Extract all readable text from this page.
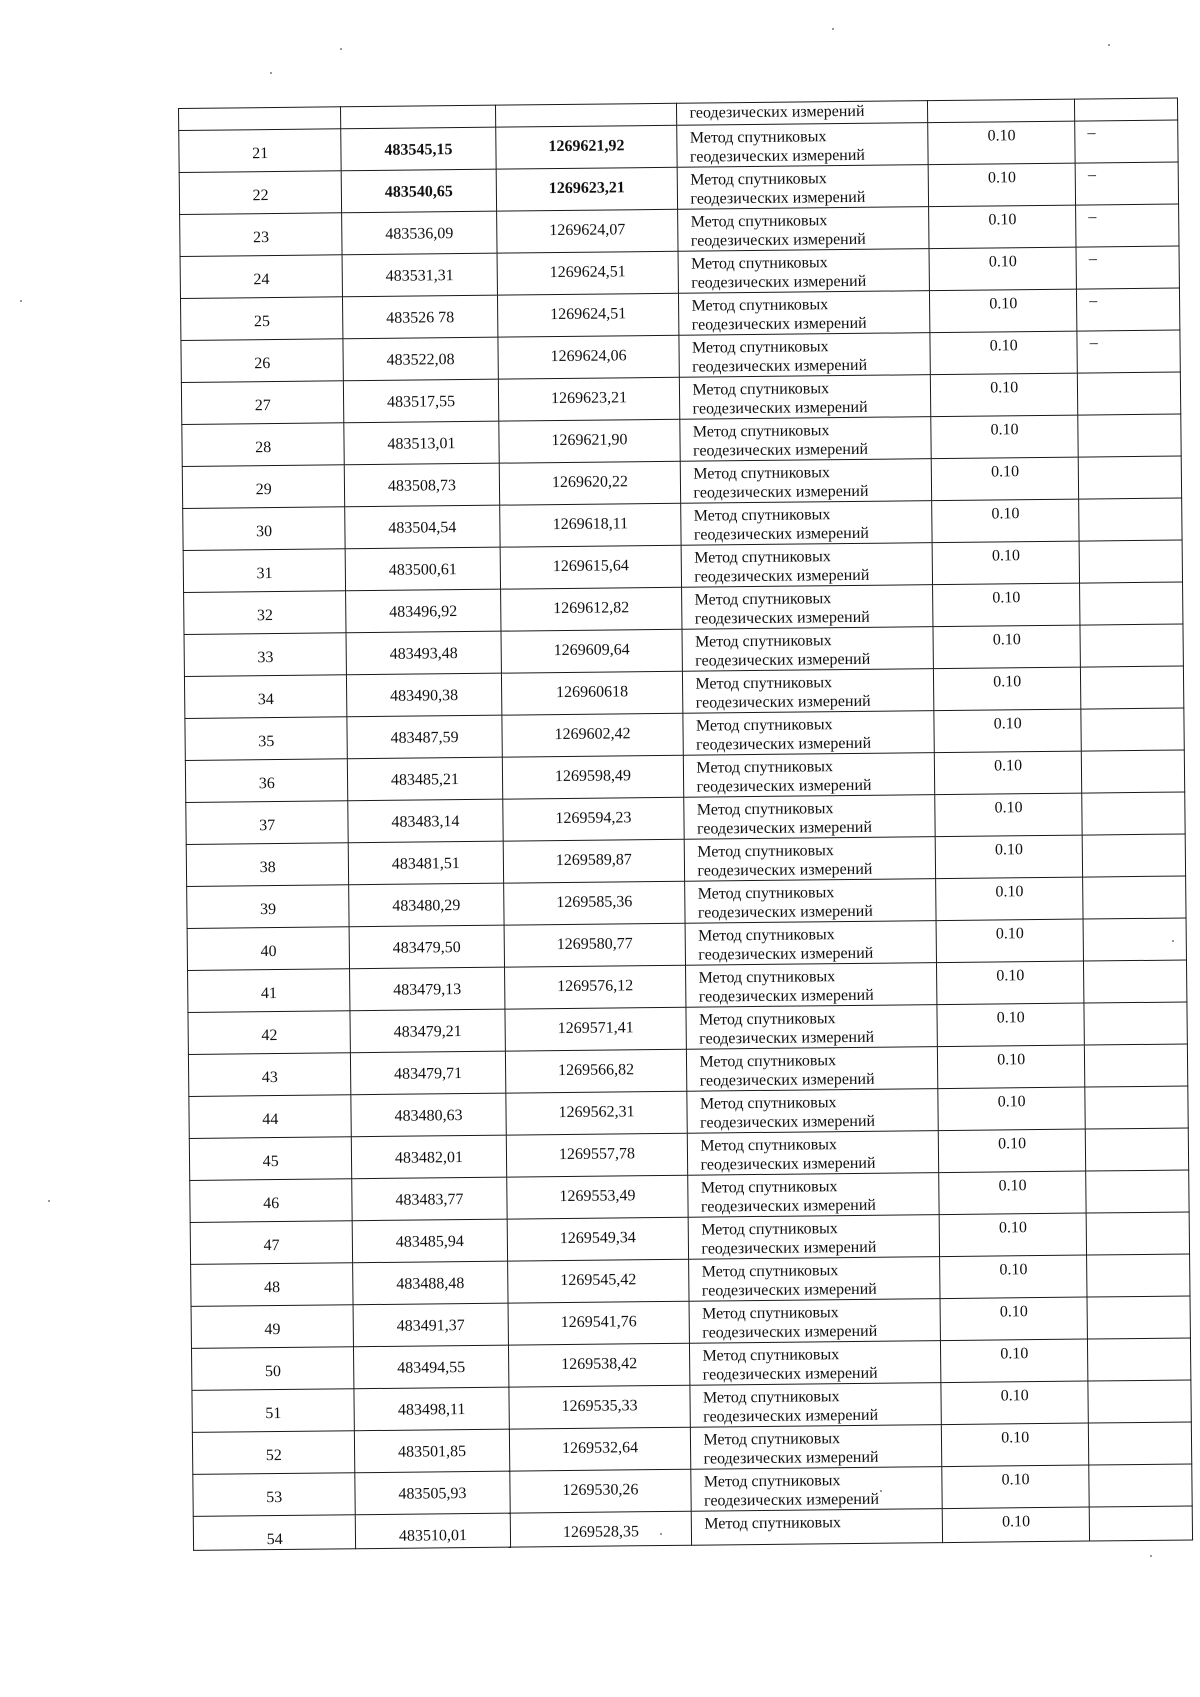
			геодезических измерений		

21	483545,15	1269621,92	Метод спутниковых
геодезических измерений	0.10	–
22	483540,65	1269623,21	Метод спутниковых
геодезических измерений	0.10	–
23	483536,09	1269624,07	Метод спутниковых
геодезических измерений	0.10	–
24	483531,31	1269624,51	Метод спутниковых
геодезических измерений	0.10	–
25	483526 78	1269624,51	Метод спутниковых
геодезических измерений	0.10	–
26	483522,08	1269624,06	Метод спутниковых
геодезических измерений	0.10	–
27	483517,55	1269623,21	Метод спутниковых
геодезических измерений	0.10	
28	483513,01	1269621,90	Метод спутниковых
геодезических измерений	0.10	
29	483508,73	1269620,22	Метод спутниковых
геодезических измерений	0.10	
30	483504,54	1269618,11	Метод спутниковых
геодезических измерений	0.10	
31	483500,61	1269615,64	Метод спутниковых
геодезических измерений	0.10	
32	483496,92	1269612,82	Метод спутниковых
геодезических измерений	0.10	
33	483493,48	1269609,64	Метод спутниковых
геодезических измерений	0.10	
34	483490,38	126960618	Метод спутниковых
геодезических измерений	0.10	
35	483487,59	1269602,42	Метод спутниковых
геодезических измерений	0.10	
36	483485,21	1269598,49	Метод спутниковых
геодезических измерений	0.10	
37	483483,14	1269594,23	Метод спутниковых
геодезических измерений	0.10	
38	483481,51	1269589,87	Метод спутниковых
геодезических измерений	0.10	
39	483480,29	1269585,36	Метод спутниковых
геодезических измерений	0.10	
40	483479,50	1269580,77	Метод спутниковых
геодезических измерений	0.10	
41	483479,13	1269576,12	Метод спутниковых
геодезических измерений	0.10	
42	483479,21	1269571,41	Метод спутниковых
геодезических измерений	0.10	
43	483479,71	1269566,82	Метод спутниковых
геодезических измерений	0.10	
44	483480,63	1269562,31	Метод спутниковых
геодезических измерений	0.10	
45	483482,01	1269557,78	Метод спутниковых
геодезических измерений	0.10	
46	483483,77	1269553,49	Метод спутниковых
геодезических измерений	0.10	
47	483485,94	1269549,34	Метод спутниковых
геодезических измерений	0.10	
48	483488,48	1269545,42	Метод спутниковых
геодезических измерений	0.10	
49	483491,37	1269541,76	Метод спутниковых
геодезических измерений	0.10	
50	483494,55	1269538,42	Метод спутниковых
геодезических измерений	0.10	
51	483498,11	1269535,33	Метод спутниковых
геодезических измерений	0.10	
52	483501,85	1269532,64	Метод спутниковых
геодезических измерений	0.10	
53	483505,93	1269530,26	Метод спутниковых
геодезических измерений	0.10	
54	483510,01	1269528,35	Метод спутниковых	0.10	
